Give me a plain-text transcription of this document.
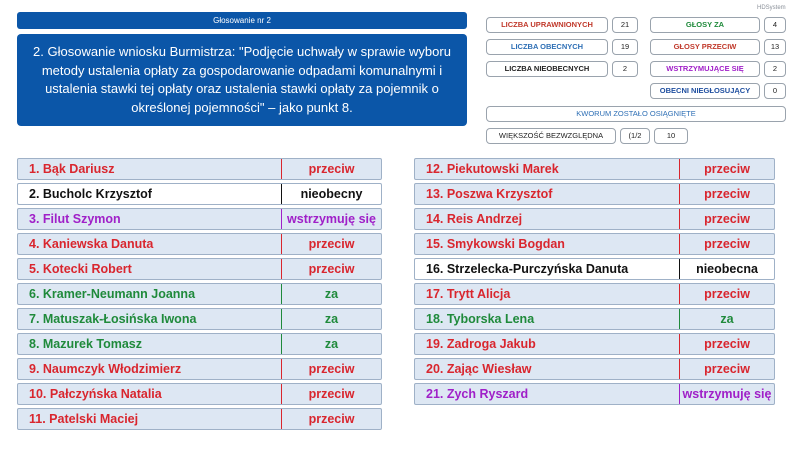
Głosowanie nr 2
HDSystem
2. Głosowanie wniosku Burmistrza: "Podjęcie uchwały w sprawie wyboru metody ustalenia opłaty za gospodarowanie odpadami komunalnymi i ustalenia stawki tej opłaty oraz ustalenia stawki opłaty za pojemnik o określonej pojemności" – jako punkt 8.
LICZBA UPRAWNIONYCH	21
LICZBA OBECNYCH	19
LICZBA NIEOBECNYCH	2
GŁOSY ZA	4
GŁOSY PRZECIW	13
WSTRZYMUJĄCE SIĘ	2
OBECNI NIEGŁOSUJĄCY	0
KWORUM ZOSTAŁO OSIĄGNIĘTE
WIĘKSZOŚĆ BEZWZGLĘDNA	(1/2	10
1. Bąk Dariusz	przeciw
2. Bucholc Krzysztof	nieobecny
3. Filut Szymon	wstrzymuję się
4. Kaniewska Danuta	przeciw
5. Kotecki Robert	przeciw
6. Kramer-Neumann Joanna	za
7. Matuszak-Łosińska Iwona	za
8. Mazurek Tomasz	za
9. Naumczyk Włodzimierz	przeciw
10. Pałczyńska Natalia	przeciw
11. Patelski Maciej	przeciw
12. Piekutowski Marek	przeciw
13. Poszwa Krzysztof	przeciw
14. Reis Andrzej	przeciw
15. Smykowski Bogdan	przeciw
16. Strzelecka-Purczyńska Danuta	nieobecna
17. Trytt Alicja	przeciw
18. Tyborska Lena	za
19. Zadroga Jakub	przeciw
20. Zając Wiesław	przeciw
21. Zych Ryszard	wstrzymuję się
